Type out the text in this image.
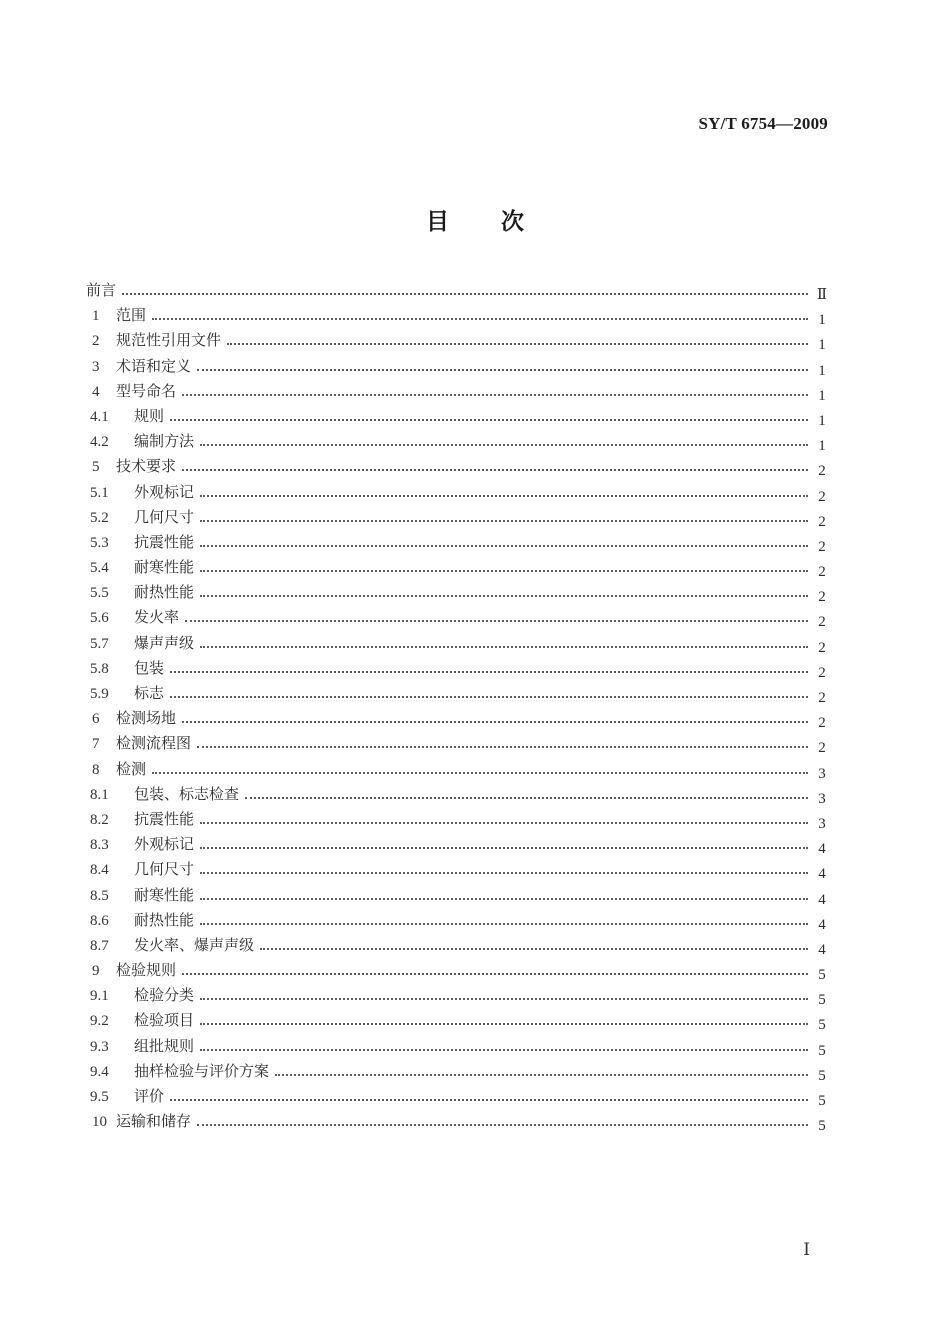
SY/T 6754—2009
目 次
前言	Ⅱ
1	范围	1
2	规范性引用文件	1
3	术语和定义	1
4	型号命名	1
4.1	规则	1
4.2	编制方法	1
5	技术要求	2
5.1	外观标记	2
5.2	几何尺寸	2
5.3	抗震性能	2
5.4	耐寒性能	2
5.5	耐热性能	2
5.6	发火率	2
5.7	爆声声级	2
5.8	包装	2
5.9	标志	2
6	检测场地	2
7	检测流程图	2
8	检测	3
8.1	包装、标志检查	3
8.2	抗震性能	3
8.3	外观标记	4
8.4	几何尺寸	4
8.5	耐寒性能	4
8.6	耐热性能	4
8.7	发火率、爆声声级	4
9	检验规则	5
9.1	检验分类	5
9.2	检验项目	5
9.3	组批规则	5
9.4	抽样检验与评价方案	5
9.5	评价	5
10 运输和储存	5
Ⅰ
